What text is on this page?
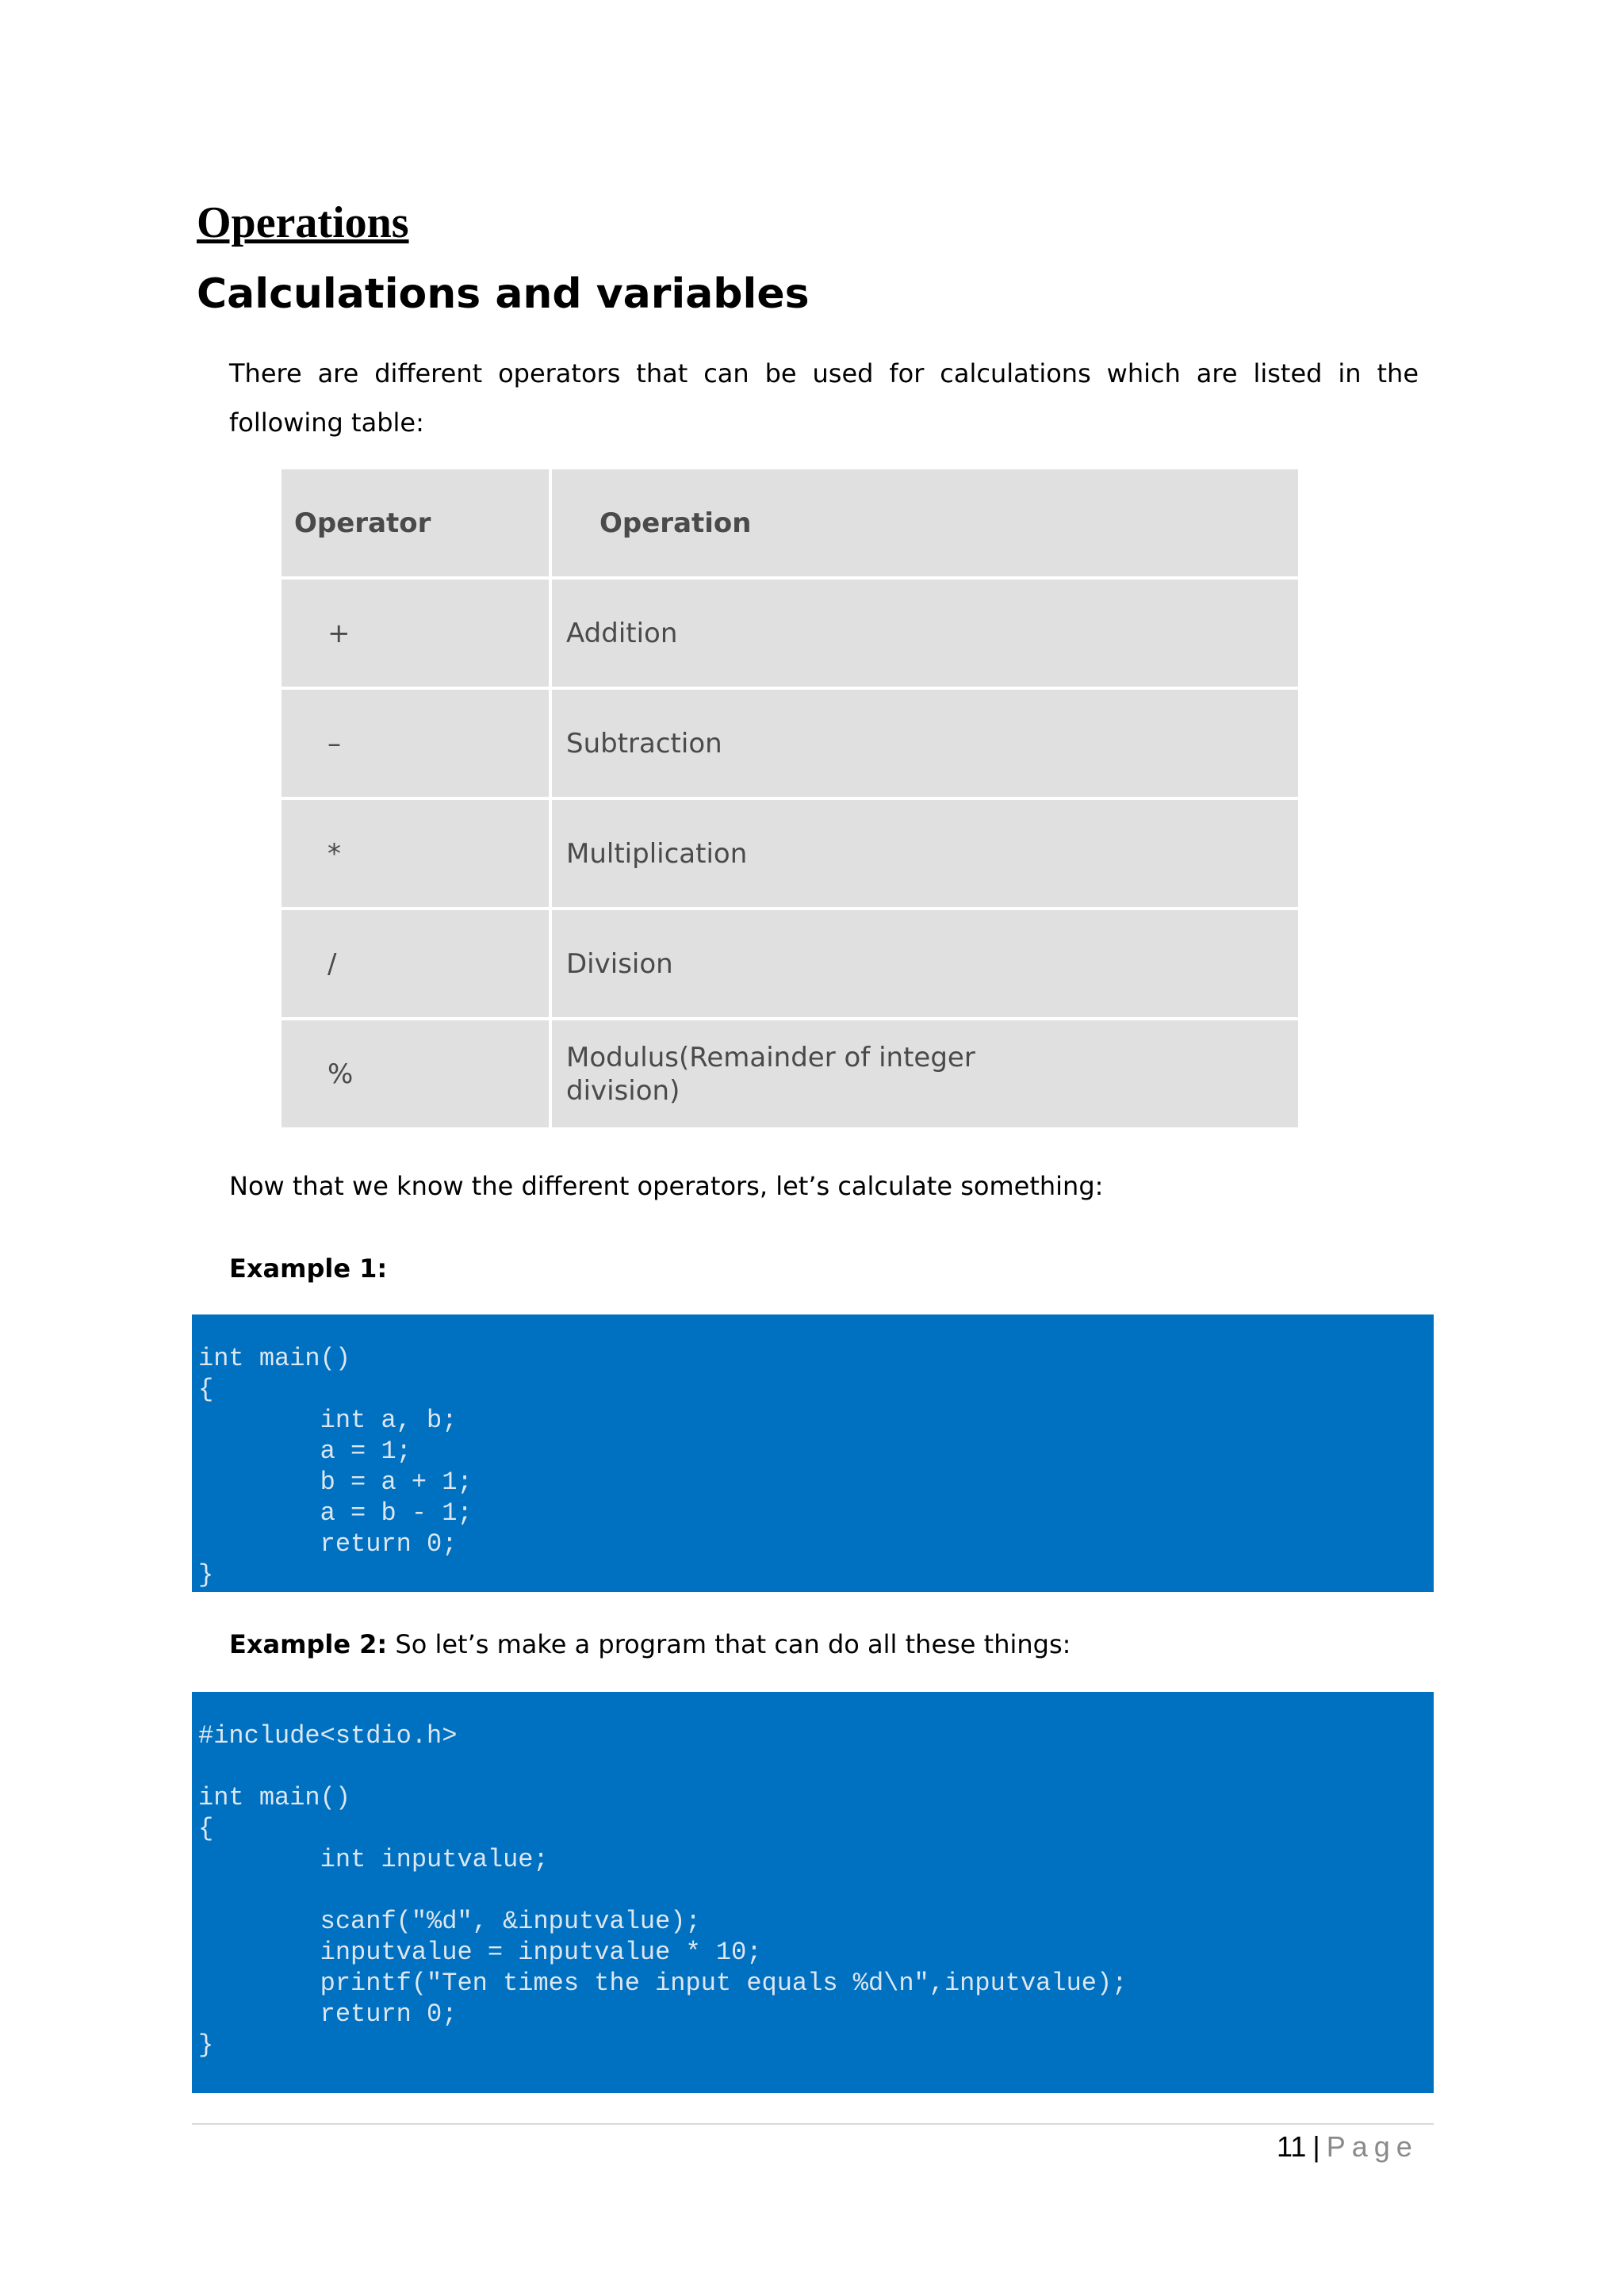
Operations
Calculations and variables

There are different operators that can be used for calculations which are listed in the following table:

Operator	Operation
+	Addition
–	Subtraction
*	Multiplication
/	Division
%	Modulus(Remainder of integer division)

Now that we know the different operators, let’s calculate something:

Example 1:

int main()
{
int a, b;
a = 1;
b = a + 1;
a = b - 1;
return 0;
}

Example 2: So let’s make a program that can do all these things:

#include<stdio.h>
int main()
{
int inputvalue;
scanf("%d", &inputvalue);
inputvalue = inputvalue * 10;
printf("Ten times the input equals %d\n",inputvalue);
return 0;
}
11 | Page
